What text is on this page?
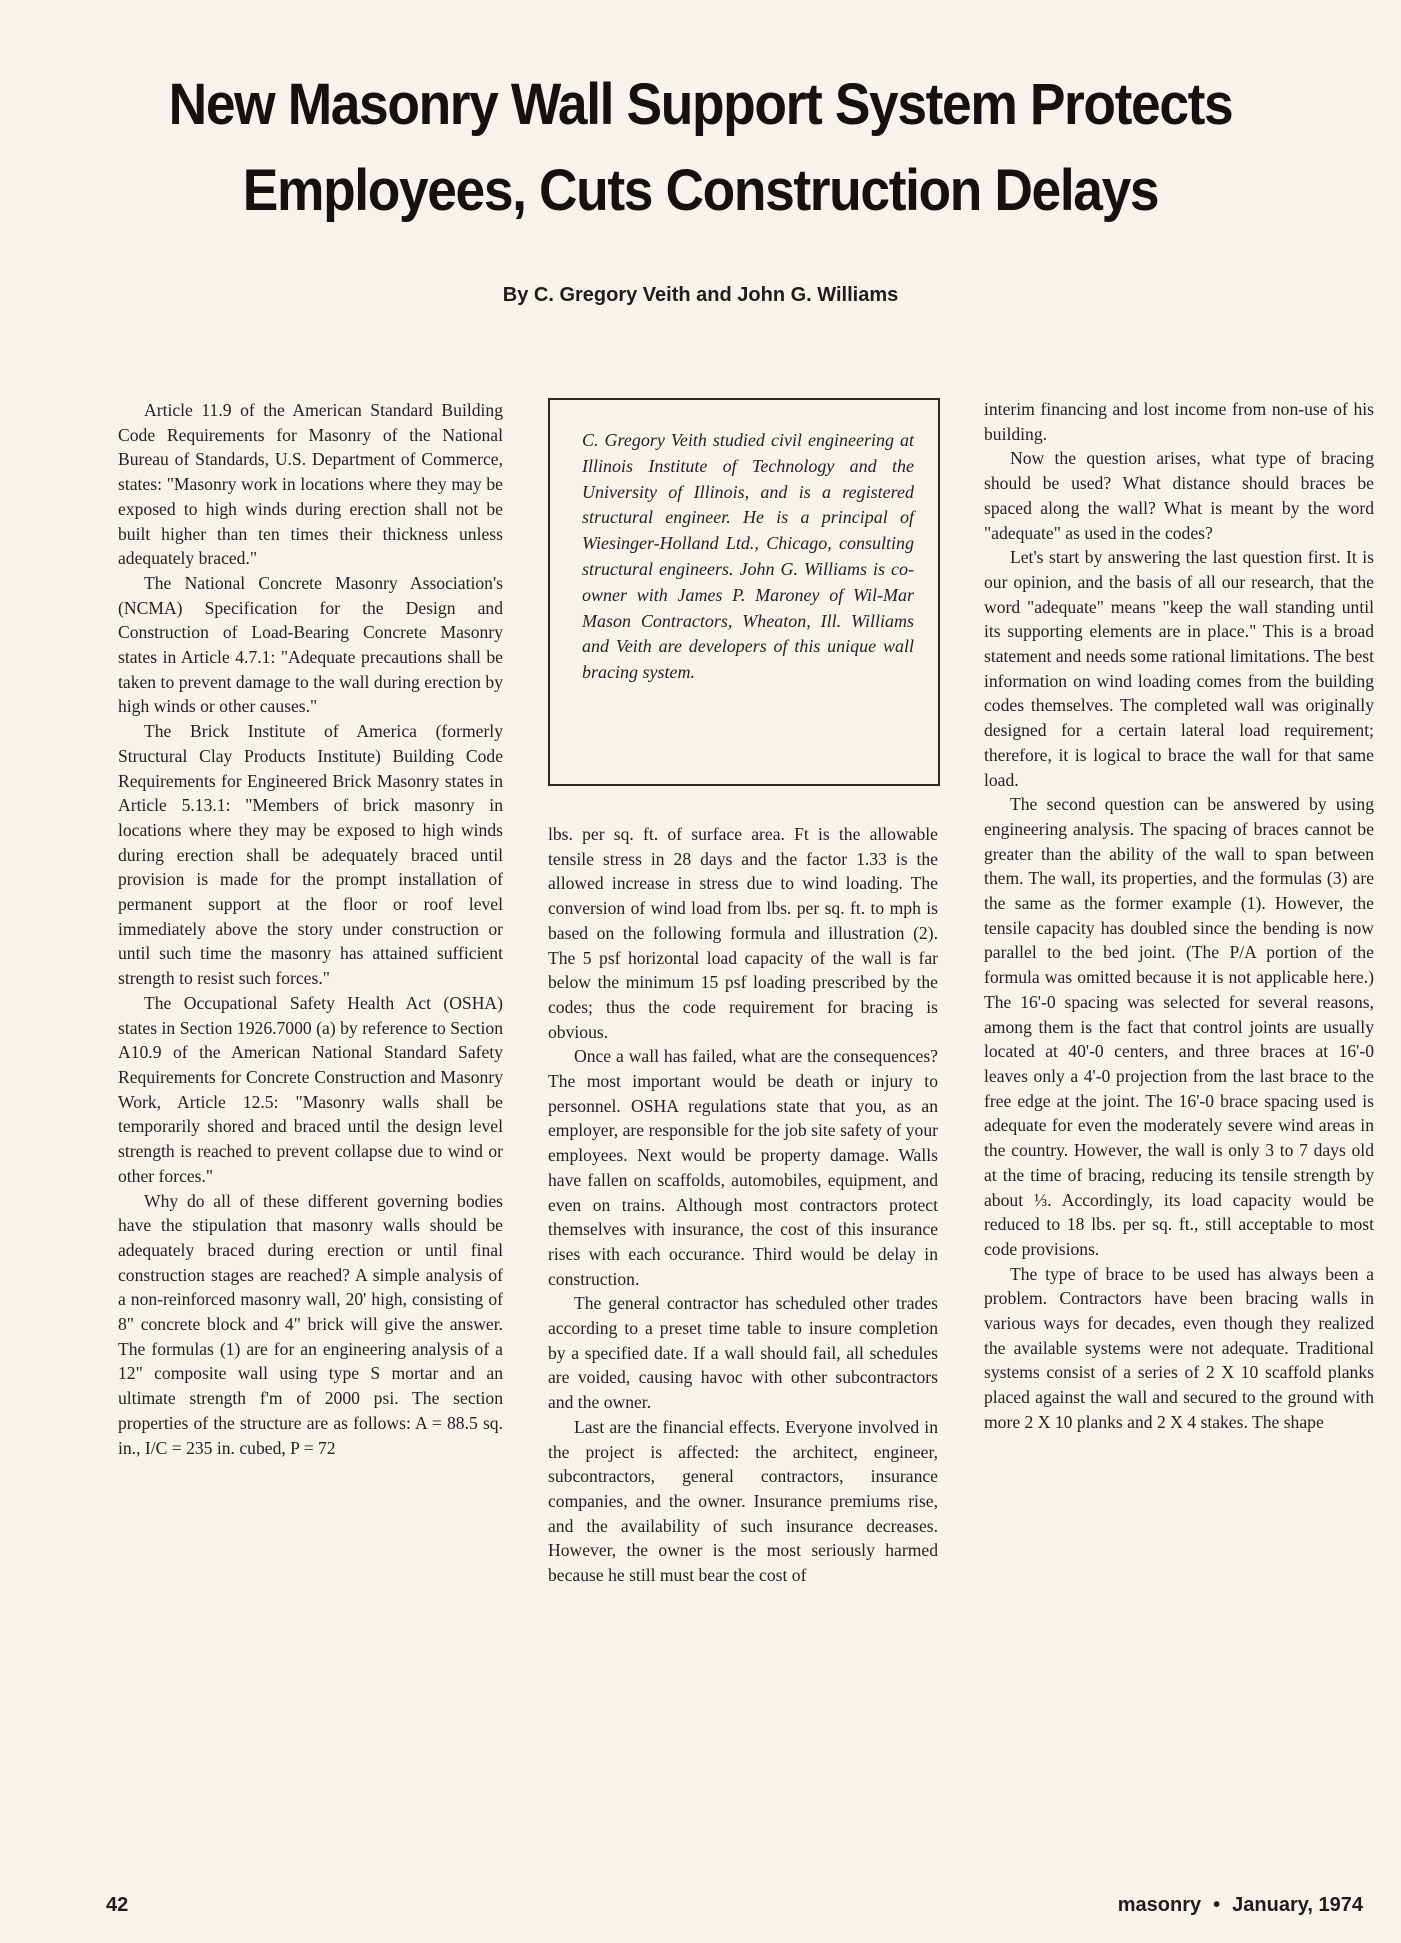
New Masonry Wall Support System Protects
Employees, Cuts Construction Delays
By C. Gregory Veith and John G. Williams

Article 11.9 of the American Standard Building Code Requirements for Masonry of the National Bureau of Standards, U.S. Department of Commerce, states: "Masonry work in locations where they may be exposed to high winds during erection shall not be built higher than ten times their thickness unless adequately braced."

The National Concrete Masonry Association's (NCMA) Specification for the Design and Construction of Load-Bearing Concrete Masonry states in Article 4.7.1: "Adequate precautions shall be taken to prevent damage to the wall during erection by high winds or other causes."

The Brick Institute of America (formerly Structural Clay Products Institute) Building Code Requirements for Engineered Brick Masonry states in Article 5.13.1: "Members of brick masonry in locations where they may be exposed to high winds during erection shall be adequately braced until provision is made for the prompt installation of permanent support at the floor or roof level immediately above the story under construction or until such time the masonry has attained sufficient strength to resist such forces."

The Occupational Safety Health Act (OSHA) states in Section 1926.7000 (a) by reference to Section A10.9 of the American National Standard Safety Requirements for Concrete Construction and Masonry Work, Article 12.5: "Masonry walls shall be temporarily shored and braced until the design level strength is reached to prevent collapse due to wind or other forces."

Why do all of these different governing bodies have the stipulation that masonry walls should be adequately braced during erection or until final construction stages are reached? A simple analysis of a non-reinforced masonry wall, 20' high, consisting of 8" concrete block and 4" brick will give the answer. The formulas (1) are for an engineering analysis of a 12" composite wall using type S mortar and an ultimate strength f'm of 2000 psi. The section properties of the structure are as follows: A = 88.5 sq. in., I/C = 235 in. cubed, P = 72

C. Gregory Veith studied civil engineering at Illinois Institute of Technology and the University of Illinois, and is a registered structural engineer. He is a principal of Wiesinger-Holland Ltd., Chicago, consulting structural engineers. John G. Williams is co-owner with James P. Maroney of Wil-Mar Mason Contractors, Wheaton, Ill. Williams and Veith are developers of this unique wall bracing system.

lbs. per sq. ft. of surface area. Ft is the allowable tensile stress in 28 days and the factor 1.33 is the allowed increase in stress due to wind loading. The conversion of wind load from lbs. per sq. ft. to mph is based on the following formula and illustration (2). The 5 psf horizontal load capacity of the wall is far below the minimum 15 psf loading prescribed by the codes; thus the code requirement for bracing is obvious.

Once a wall has failed, what are the consequences? The most important would be death or injury to personnel. OSHA regulations state that you, as an employer, are responsible for the job site safety of your employees. Next would be property damage. Walls have fallen on scaffolds, automobiles, equipment, and even on trains. Although most contractors protect themselves with insurance, the cost of this insurance rises with each occurance. Third would be delay in construction.

The general contractor has scheduled other trades according to a preset time table to insure completion by a specified date. If a wall should fail, all schedules are voided, causing havoc with other subcontractors and the owner.

Last are the financial effects. Everyone involved in the project is affected: the architect, engineer, subcontractors, general contractors, insurance companies, and the owner. Insurance premiums rise, and the availability of such insurance decreases. However, the owner is the most seriously harmed because he still must bear the cost of

interim financing and lost income from non-use of his building.

Now the question arises, what type of bracing should be used? What distance should braces be spaced along the wall? What is meant by the word "adequate" as used in the codes?

Let's start by answering the last question first. It is our opinion, and the basis of all our research, that the word "adequate" means "keep the wall standing until its supporting elements are in place." This is a broad statement and needs some rational limitations. The best information on wind loading comes from the building codes themselves. The completed wall was originally designed for a certain lateral load requirement; therefore, it is logical to brace the wall for that same load.

The second question can be answered by using engineering analysis. The spacing of braces cannot be greater than the ability of the wall to span between them. The wall, its properties, and the formulas (3) are the same as the former example (1). However, the tensile capacity has doubled since the bending is now parallel to the bed joint. (The P/A portion of the formula was omitted because it is not applicable here.) The 16'-0 spacing was selected for several reasons, among them is the fact that control joints are usually located at 40'-0 centers, and three braces at 16'-0 leaves only a 4'-0 projection from the last brace to the free edge at the joint. The 16'-0 brace spacing used is adequate for even the moderately severe wind areas in the country. However, the wall is only 3 to 7 days old at the time of bracing, reducing its tensile strength by about ⅓. Accordingly, its load capacity would be reduced to 18 lbs. per sq. ft., still acceptable to most code provisions.

The type of brace to be used has always been a problem. Contractors have been bracing walls in various ways for decades, even though they realized the available systems were not adequate. Traditional systems consist of a series of 2 X 10 scaffold planks placed against the wall and secured to the ground with more 2 X 10 planks and 2 X 4 stakes. The shape

42	masonry • January, 1974
